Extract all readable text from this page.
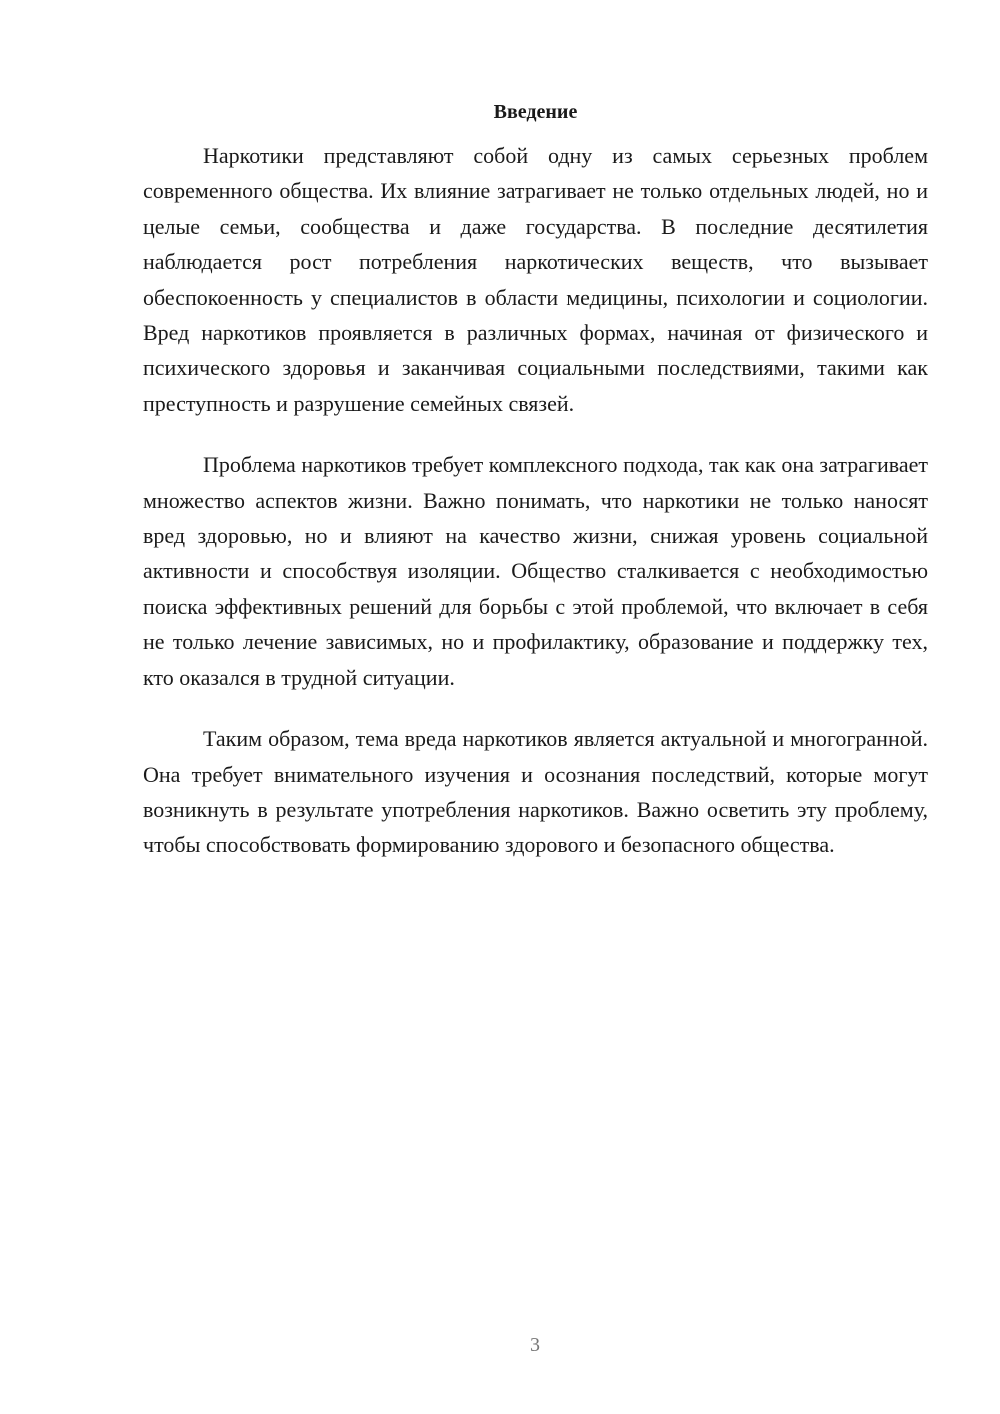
Введение

Наркотики представляют собой одну из самых серьезных проблем современного общества. Их влияние затрагивает не только отдельных людей, но и целые семьи, сообщества и даже государства. В последние десятилетия наблюдается рост потребления наркотических веществ, что вызывает обеспокоенность у специалистов в области медицины, психологии и социологии. Вред наркотиков проявляется в различных формах, начиная от физического и психического здоровья и заканчивая социальными последствиями, такими как преступность и разрушение семейных связей.

Проблема наркотиков требует комплексного подхода, так как она затрагивает множество аспектов жизни. Важно понимать, что наркотики не только наносят вред здоровью, но и влияют на качество жизни, снижая уровень социальной активности и способствуя изоляции. Общество сталкивается с необходимостью поиска эффективных решений для борьбы с этой проблемой, что включает в себя не только лечение зависимых, но и профилактику, образование и поддержку тех, кто оказался в трудной ситуации.

Таким образом, тема вреда наркотиков является актуальной и многогранной. Она требует внимательного изучения и осознания последствий, которые могут возникнуть в результате употребления наркотиков. Важно осветить эту проблему, чтобы способствовать формированию здорового и безопасного общества.

3
